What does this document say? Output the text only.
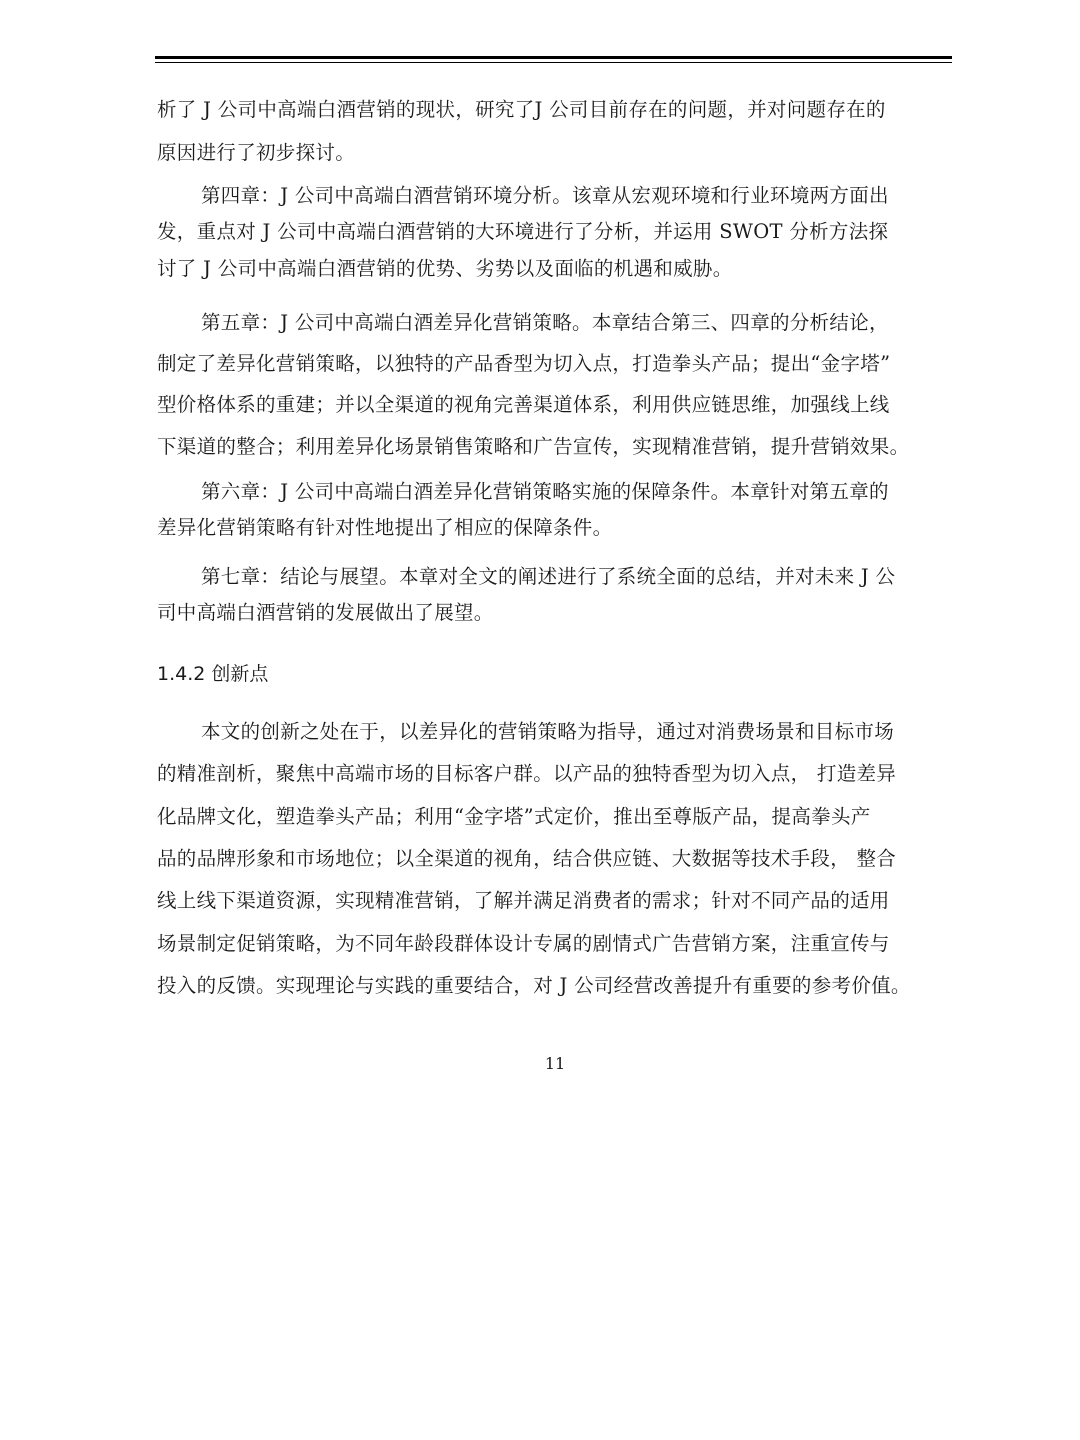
析了 J 公司中高端白酒营销的现状，研究了J 公司目前存在的问题，并对问题存在的
原因进行了初步探讨。
第四章：J 公司中高端白酒营销环境分析。该章从宏观环境和行业环境两方面出
发，重点对 J 公司中高端白酒营销的大环境进行了分析，并运用 SWOT 分析方法探
讨了 J 公司中高端白酒营销的优势、劣势以及面临的机遇和威胁。
第五章：J 公司中高端白酒差异化营销策略。本章结合第三、四章的分析结论，
制定了差异化营销策略，以独特的产品香型为切入点，打造拳头产品；提出“金字塔”
型价格体系的重建；并以全渠道的视角完善渠道体系，利用供应链思维，加强线上线
下渠道的整合；利用差异化场景销售策略和广告宣传，实现精准营销，提升营销效果。
第六章：J 公司中高端白酒差异化营销策略实施的保障条件。本章针对第五章的
差异化营销策略有针对性地提出了相应的保障条件。
第七章：结论与展望。本章对全文的阐述进行了系统全面的总结，并对未来 J 公
司中高端白酒营销的发展做出了展望。
1.4.2 创新点
本文的创新之处在于，以差异化的营销策略为指导，通过对消费场景和目标市场
的精准剖析，聚焦中高端市场的目标客户群。以产品的独特香型为切入点， 打造差异
化品牌文化，塑造拳头产品；利用“金字塔”式定价，推出至尊版产品，提高拳头产
品的品牌形象和市场地位；以全渠道的视角，结合供应链、大数据等技术手段， 整合
线上线下渠道资源，实现精准营销，了解并满足消费者的需求；针对不同产品的适用
场景制定促销策略，为不同年龄段群体设计专属的剧情式广告营销方案，注重宣传与
投入的反馈。实现理论与实践的重要结合，对 J 公司经营改善提升有重要的参考价值。
11
